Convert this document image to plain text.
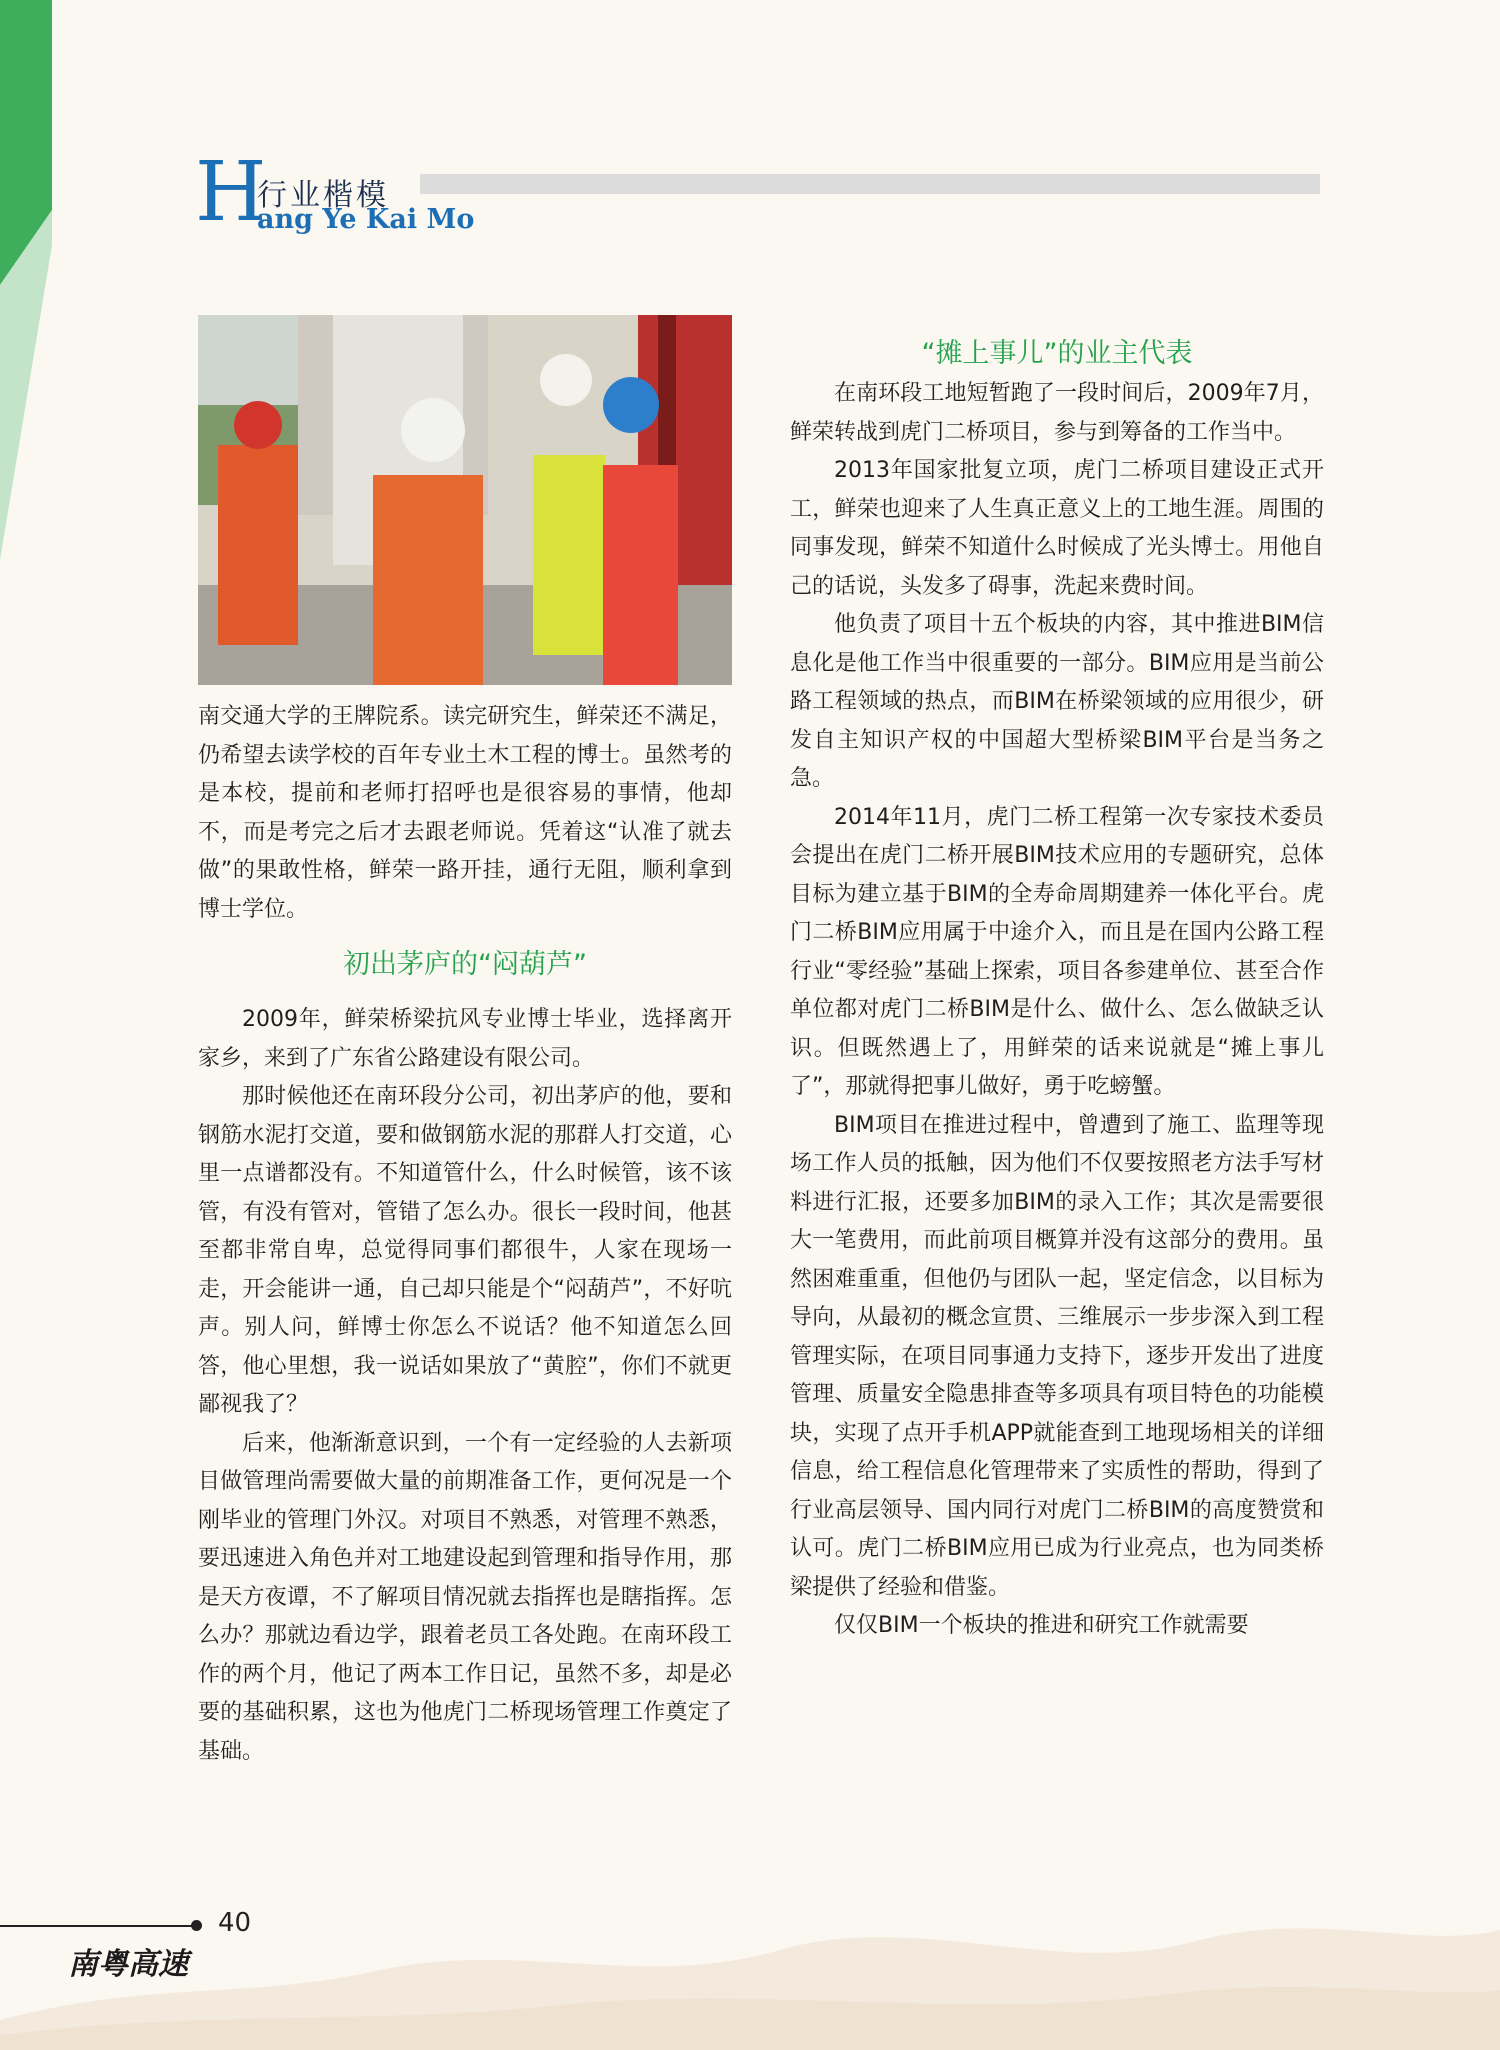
H
行业楷模
ang Ye Kai Mo

南交通大学的王牌院系。读完研究生，鲜荣还不满足，仍希望去读学校的百年专业土木工程的博士。虽然考的是本校，提前和老师打招呼也是很容易的事情，他却不，而是考完之后才去跟老师说。凭着这“认准了就去做”的果敢性格，鲜荣一路开挂，通行无阻，顺利拿到博士学位。

初出茅庐的“闷葫芦”

2009年，鲜荣桥梁抗风专业博士毕业，选择离开家乡，来到了广东省公路建设有限公司。

那时候他还在南环段分公司，初出茅庐的他，要和钢筋水泥打交道，要和做钢筋水泥的那群人打交道，心里一点谱都没有。不知道管什么，什么时候管，该不该管，有没有管对，管错了怎么办。很长一段时间，他甚至都非常自卑，总觉得同事们都很牛，人家在现场一走，开会能讲一通，自己却只能是个“闷葫芦”，不好吭声。别人问，鲜博士你怎么不说话？他不知道怎么回答，他心里想，我一说话如果放了“黄腔”，你们不就更鄙视我了？

后来，他渐渐意识到，一个有一定经验的人去新项目做管理尚需要做大量的前期准备工作，更何况是一个刚毕业的管理门外汉。对项目不熟悉，对管理不熟悉，要迅速进入角色并对工地建设起到管理和指导作用，那是天方夜谭，不了解项目情况就去指挥也是瞎指挥。怎么办？那就边看边学，跟着老员工各处跑。在南环段工作的两个月，他记了两本工作日记，虽然不多，却是必要的基础积累，这也为他虎门二桥现场管理工作奠定了基础。

“摊上事儿”的业主代表

在南环段工地短暂跑了一段时间后，2009年7月，鲜荣转战到虎门二桥项目，参与到筹备的工作当中。

2013年国家批复立项，虎门二桥项目建设正式开工，鲜荣也迎来了人生真正意义上的工地生涯。周围的同事发现，鲜荣不知道什么时候成了光头博士。用他自己的话说，头发多了碍事，洗起来费时间。

他负责了项目十五个板块的内容，其中推进BIM信息化是他工作当中很重要的一部分。BIM应用是当前公路工程领域的热点，而BIM在桥梁领域的应用很少，研发自主知识产权的中国超大型桥梁BIM平台是当务之急。

2014年11月，虎门二桥工程第一次专家技术委员会提出在虎门二桥开展BIM技术应用的专题研究，总体目标为建立基于BIM的全寿命周期建养一体化平台。虎门二桥BIM应用属于中途介入，而且是在国内公路工程行业“零经验”基础上探索，项目各参建单位、甚至合作单位都对虎门二桥BIM是什么、做什么、怎么做缺乏认识。但既然遇上了，用鲜荣的话来说就是“摊上事儿了”，那就得把事儿做好，勇于吃螃蟹。

BIM项目在推进过程中，曾遭到了施工、监理等现场工作人员的抵触，因为他们不仅要按照老方法手写材料进行汇报，还要多加BIM的录入工作；其次是需要很大一笔费用，而此前项目概算并没有这部分的费用。虽然困难重重，但他仍与团队一起，坚定信念，以目标为导向，从最初的概念宣贯、三维展示一步步深入到工程管理实际，在项目同事通力支持下，逐步开发出了进度管理、质量安全隐患排查等多项具有项目特色的功能模块，实现了点开手机APP就能查到工地现场相关的详细信息，给工程信息化管理带来了实质性的帮助，得到了行业高层领导、国内同行对虎门二桥BIM的高度赞赏和认可。虎门二桥BIM应用已成为行业亮点，也为同类桥梁提供了经验和借鉴。

仅仅BIM一个板块的推进和研究工作就需要

40
南粤高速
